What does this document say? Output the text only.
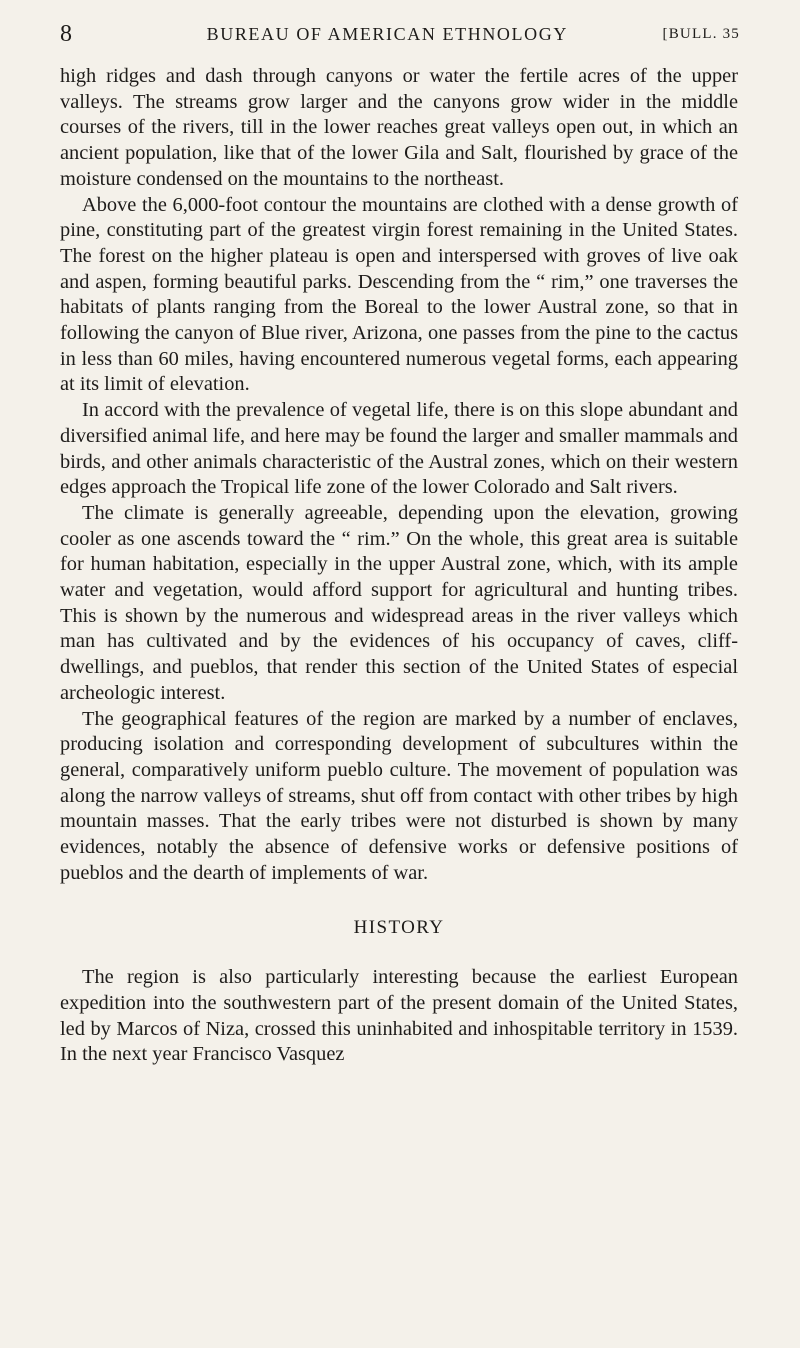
8	BUREAU OF AMERICAN ETHNOLOGY	[BULL. 35

high ridges and dash through canyons or water the fertile acres of the upper valleys. The streams grow larger and the canyons grow wider in the middle courses of the rivers, till in the lower reaches great valleys open out, in which an ancient population, like that of the lower Gila and Salt, flourished by grace of the moisture condensed on the mountains to the northeast.

Above the 6,000-foot contour the mountains are clothed with a dense growth of pine, constituting part of the greatest virgin forest remaining in the United States. The forest on the higher plateau is open and interspersed with groves of live oak and aspen, forming beautiful parks. Descending from the “ rim,” one traverses the habitats of plants ranging from the Boreal to the lower Austral zone, so that in following the canyon of Blue river, Arizona, one passes from the pine to the cactus in less than 60 miles, having encountered numerous vegetal forms, each appearing at its limit of elevation.

In accord with the prevalence of vegetal life, there is on this slope abundant and diversified animal life, and here may be found the larger and smaller mammals and birds, and other animals characteristic of the Austral zones, which on their western edges approach the Tropical life zone of the lower Colorado and Salt rivers.

The climate is generally agreeable, depending upon the elevation, growing cooler as one ascends toward the “ rim.” On the whole, this great area is suitable for human habitation, especially in the upper Austral zone, which, with its ample water and vegetation, would afford support for agricultural and hunting tribes. This is shown by the numerous and widespread areas in the river valleys which man has cultivated and by the evidences of his occupancy of caves, cliff-dwellings, and pueblos, that render this section of the United States of especial archeologic interest.

The geographical features of the region are marked by a number of enclaves, producing isolation and corresponding development of subcultures within the general, comparatively uniform pueblo culture. The movement of population was along the narrow valleys of streams, shut off from contact with other tribes by high mountain masses. That the early tribes were not disturbed is shown by many evidences, notably the absence of defensive works or defensive positions of pueblos and the dearth of implements of war.

HISTORY

The region is also particularly interesting because the earliest European expedition into the southwestern part of the present domain of the United States, led by Marcos of Niza, crossed this uninhabited and inhospitable territory in 1539. In the next year Francisco Vasquez
